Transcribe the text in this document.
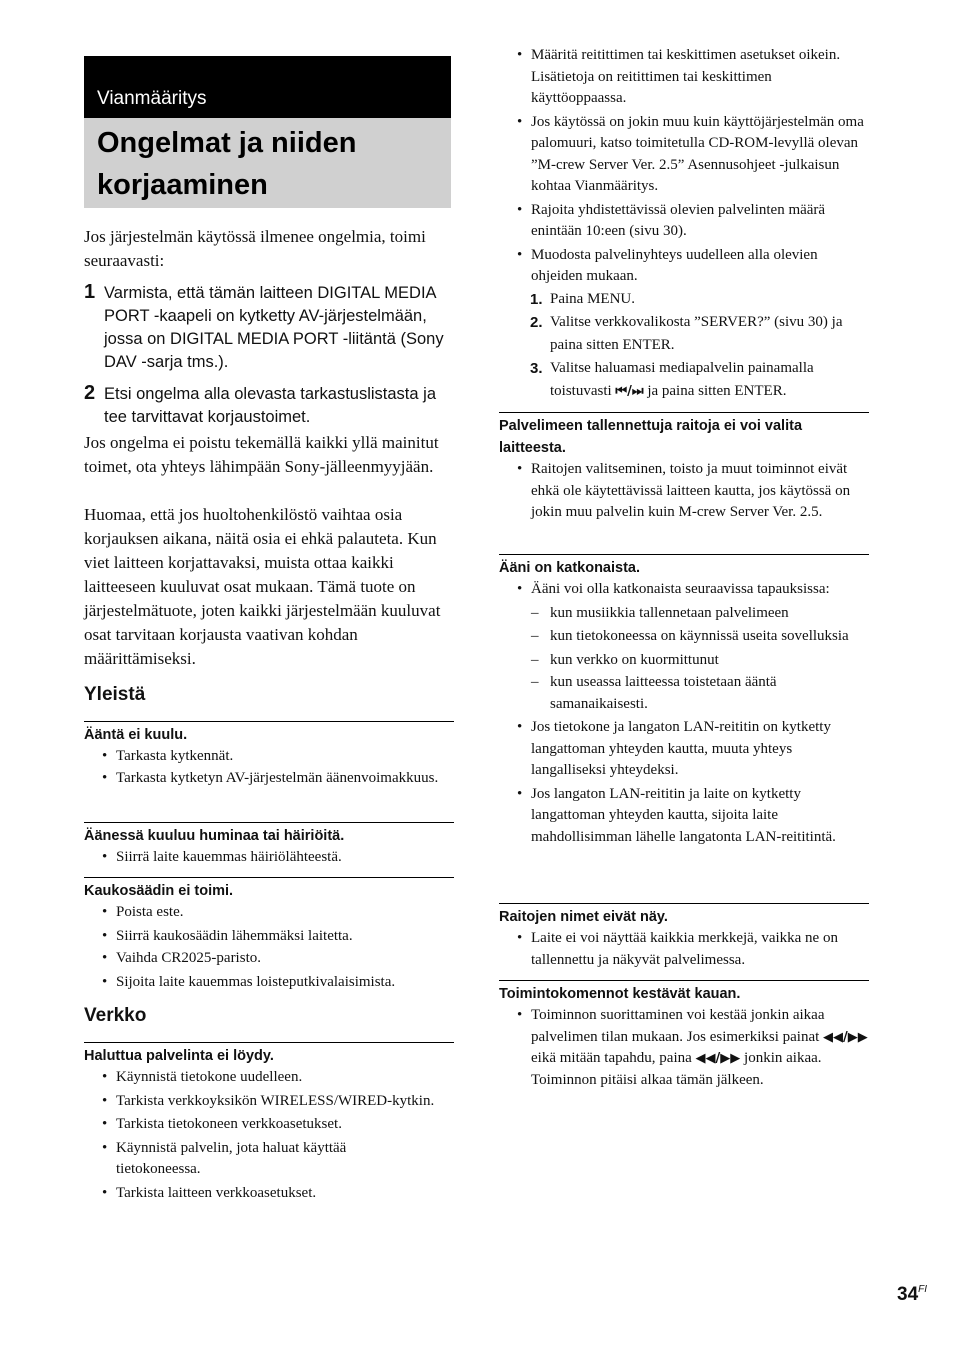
Vianmääritys
Ongelmat ja niiden
korjaaminen

Jos järjestelmän käytössä ilmenee ongelmia, toimi seuraavasti:

1 Varmista, että tämän laitteen DIGITAL MEDIA PORT -kaapeli on kytketty AV-järjestelmään, jossa on DIGITAL MEDIA PORT -liitäntä (Sony DAV -sarja tms.).
2 Etsi ongelma alla olevasta tarkastuslistasta ja tee tarvittavat korjaustoimet.

Jos ongelma ei poistu tekemällä kaikki yllä mainitut toimet, ota yhteys lähimpään Sony-jälleenmyyjään.

Huomaa, että jos huoltohenkilöstö vaihtaa osia korjauksen aikana, näitä osia ei ehkä palauteta. Kun viet laitteen korjattavaksi, muista ottaa kaikki laitteeseen kuuluvat osat mukaan. Tämä tuote on järjestelmätuote, joten kaikki järjestelmään kuuluvat osat tarvitaan korjausta vaativan kohdan määrittämiseksi.

Yleistä
Ääntä ei kuulu.
• Tarkasta kytkennät.
• Tarkasta kytketyn AV-järjestelmän äänenvoimakkuus.
Äänessä kuuluu huminaa tai häiriöitä.
• Siirrä laite kauemmas häiriölähteestä.
Kaukosäädin ei toimi.
• Poista este.
• Siirrä kaukosäädin lähemmäksi laitetta.
• Vaihda CR2025-paristo.
• Sijoita laite kauemmas loisteputkivalaisimista.
Verkko
Haluttua palvelinta ei löydy.
• Käynnistä tietokone uudelleen.
• Tarkista verkkoyksikön WIRELESS/WIRED-kytkin.
• Tarkista tietokoneen verkkoasetukset.
• Käynnistä palvelin, jota haluat käyttää tietokoneessa.
• Tarkista laitteen verkkoasetukset.
• Määritä reitittimen tai keskittimen asetukset oikein. Lisätietoja on reitittimen tai keskittimen käyttöoppaassa.
• Jos käytössä on jokin muu kuin käyttöjärjestelmän oma palomuuri, katso toimitetulla CD-ROM-levyllä olevan ”M-crew Server Ver. 2.5” Asennusohjeet -julkaisun kohtaa Vianmääritys.
• Rajoita yhdistettävissä olevien palvelinten määrä enintään 10:een (sivu 30).
• Muodosta palvelinyhteys uudelleen alla olevien ohjeiden mukaan.
1. Paina MENU.
2. Valitse verkkovalikosta ”SERVER?” (sivu 30) ja paina sitten ENTER.
3. Valitse haluamasi mediapalvelin painamalla toistuvasti ⏮/⏭ ja paina sitten ENTER.
Palvelimeen tallennettuja raitoja ei voi valita laitteesta.
• Raitojen valitseminen, toisto ja muut toiminnot eivät ehkä ole käytettävissä laitteen kautta, jos käytössä on jokin muu palvelin kuin M-crew Server Ver. 2.5.
Ääni on katkonaista.
• Ääni voi olla katkonaista seuraavissa tapauksissa:
– kun musiikkia tallennetaan palvelimeen
– kun tietokoneessa on käynnissä useita sovelluksia
– kun verkko on kuormittunut
– kun useassa laitteessa toistetaan ääntä samanaikaisesti.
• Jos tietokone ja langaton LAN-reititin on kytketty langattoman yhteyden kautta, muuta yhteys langalliseksi yhteydeksi.
• Jos langaton LAN-reititin ja laite on kytketty langattoman yhteyden kautta, sijoita laite mahdollisimman lähelle langatonta LAN-reititintä.
Raitojen nimet eivät näy.
• Laite ei voi näyttää kaikkia merkkejä, vaikka ne on tallennettu ja näkyvät palvelimessa.
Toimintokomennot kestävät kauan.
• Toiminnon suorittaminen voi kestää jonkin aikaa palvelimen tilan mukaan. Jos esimerkiksi painat ◀◀/▶▶ eikä mitään tapahdu, paina ◀◀/▶▶ jonkin aikaa. Toiminnon pitäisi alkaa tämän jälkeen.
$34^{FI}$
